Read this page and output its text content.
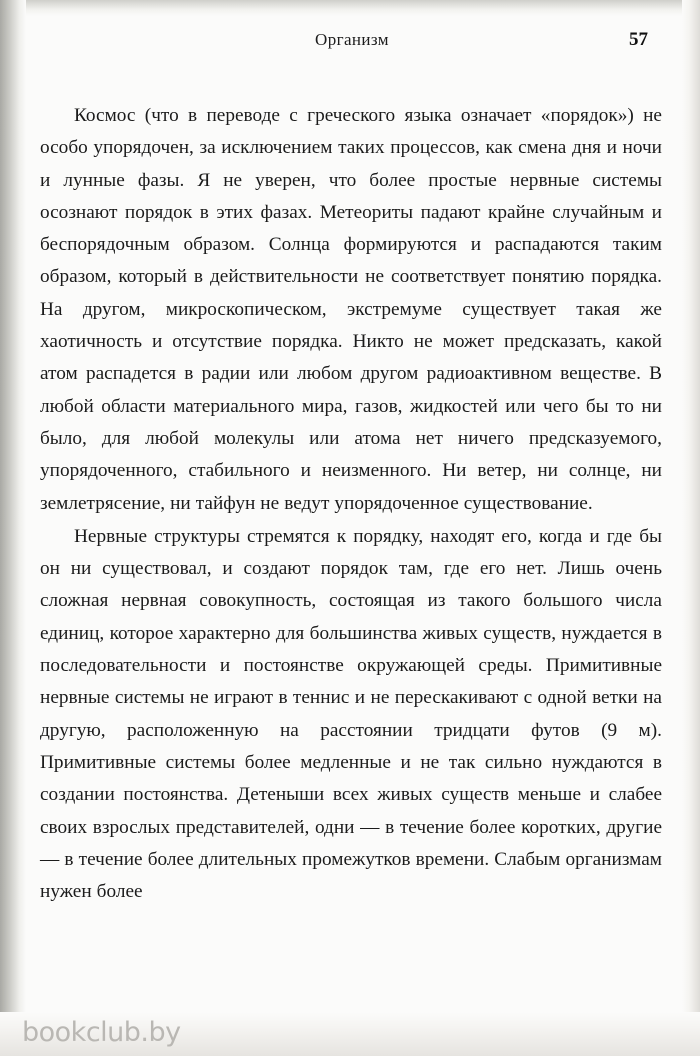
Организм	57

Космос (что в переводе с греческого языка означает «порядок») не особо упорядочен, за исключением таких процессов, как смена дня и ночи и лунные фазы. Я не уверен, что более простые нервные системы осознают порядок в этих фазах. Метеориты падают крайне случайным и беспорядочным образом. Солнца формируются и распадаются таким образом, который в действительности не соответствует понятию порядка. На другом, микроскопическом, экстремуме существует такая же хаотичность и отсутствие порядка. Никто не может предсказать, какой атом распадется в радии или любом другом радиоактивном веществе. В любой области материального мира, газов, жидкостей или чего бы то ни было, для любой молекулы или атома нет ничего предсказуемого, упорядоченного, стабильного и неизменного. Ни ветер, ни солнце, ни землетрясение, ни тайфун не ведут упорядоченное существование.

Нервные структуры стремятся к порядку, находят его, когда и где бы он ни существовал, и создают порядок там, где его нет. Лишь очень сложная нервная совокупность, состоящая из такого большого числа единиц, которое характерно для большинства живых существ, нуждается в последовательности и постоянстве окружающей среды. Примитивные нервные системы не играют в теннис и не перескакивают с одной ветки на другую, расположенную на расстоянии тридцати футов (9 м). Примитивные системы более медленные и не так сильно нуждаются в создании постоянства. Детеныши всех живых существ меньше и слабее своих взрослых представителей, одни — в течение более коротких, другие — в течение более длительных промежутков времени. Слабым организмам нужен более

bookclub.by
